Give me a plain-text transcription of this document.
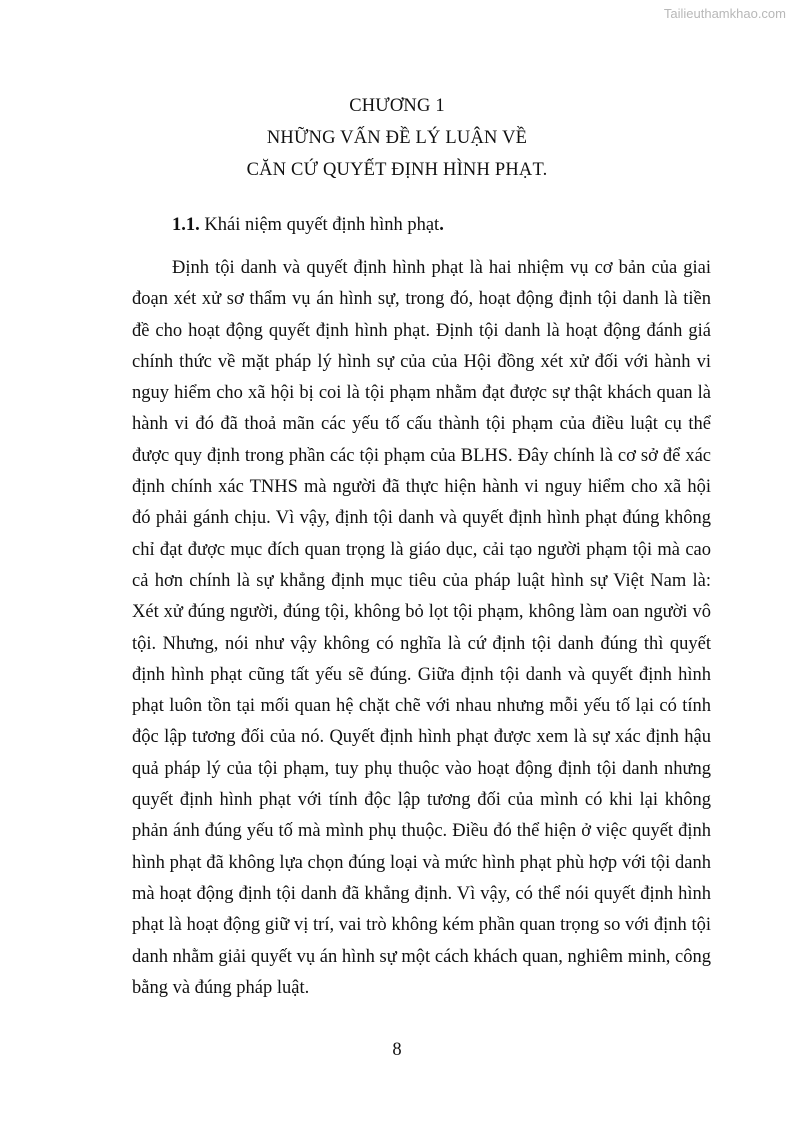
Tailieuthamkhao.com
CHƯƠNG 1
NHỮNG VẤN ĐỀ LÝ LUẬN VỀ
CĂN CỨ QUYẾT ĐỊNH HÌNH PHẠT.
1.1. Khái niệm quyết định hình phạt.

Định tội danh và quyết định hình phạt là hai nhiệm vụ cơ bản của giai đoạn xét xử sơ thẩm vụ án hình sự, trong đó, hoạt động định tội danh là tiền đề cho hoạt động quyết định hình phạt. Định tội danh là hoạt động đánh giá chính thức về mặt pháp lý hình sự của của Hội đồng xét xử đối với hành vi nguy hiểm cho xã hội bị coi là tội phạm nhằm đạt được sự thật khách quan là hành vi đó đã thoả mãn các yếu tố cấu thành tội phạm của điều luật cụ thể được quy định trong phần các tội phạm của BLHS. Đây chính là cơ sở để xác định chính xác TNHS mà người đã thực hiện hành vi nguy hiểm cho xã hội đó phải gánh chịu. Vì vậy, định tội danh và quyết định hình phạt đúng không chỉ đạt được mục đích quan trọng là giáo dục, cải tạo người phạm tội mà cao cả hơn chính là sự khẳng định mục tiêu của pháp luật hình sự Việt Nam là: Xét xử đúng người, đúng tội, không bỏ lọt tội phạm, không làm oan người vô tội. Nhưng, nói như vậy không có nghĩa là cứ định tội danh đúng thì quyết định hình phạt cũng tất yếu sẽ đúng. Giữa định tội danh và quyết định hình phạt luôn tồn tại mối quan hệ chặt chẽ với nhau nhưng mỗi yếu tố lại có tính độc lập tương đối của nó. Quyết định hình phạt được xem là sự xác định hậu quả pháp lý của tội phạm, tuy phụ thuộc vào hoạt động định tội danh nhưng quyết định hình phạt với tính độc lập tương đối của mình có khi lại không phản ánh đúng yếu tố mà mình phụ thuộc. Điều đó thể hiện ở việc quyết định hình phạt đã không lựa chọn đúng loại và mức hình phạt phù hợp với tội danh mà hoạt động định tội danh đã khẳng định. Vì vậy, có thể nói quyết định hình phạt là hoạt động giữ vị trí, vai trò không kém phần quan trọng so với định tội danh nhằm giải quyết vụ án hình sự một cách khách quan, nghiêm minh, công bằng và đúng pháp luật.

8
